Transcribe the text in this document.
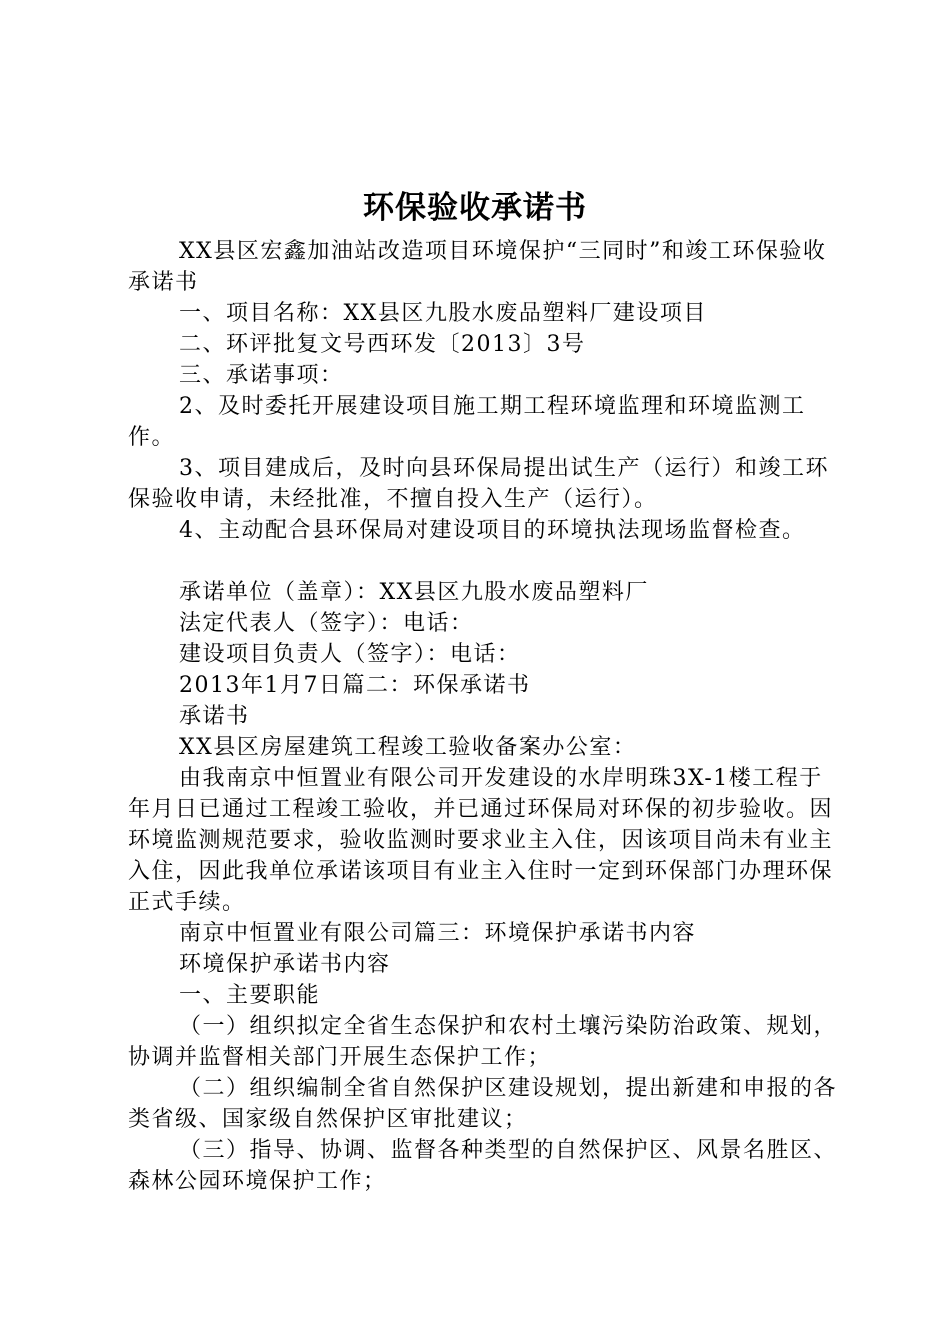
环保验收承诺书

XX县区宏鑫加油站改造项目环境保护“三同时”和竣工环保验收承诺书

一、项目名称：XX县区九股水废品塑料厂建设项目

二、环评批复文号西环发〔2013〕3号

三、承诺事项：

2、及时委托开展建设项目施工期工程环境监理和环境监测工作。

3、项目建成后，及时向县环保局提出试生产（运行）和竣工环保验收申请，未经批准，不擅自投入生产（运行）。

4、主动配合县环保局对建设项目的环境执法现场监督检查。

承诺单位（盖章）：XX县区九股水废品塑料厂

法定代表人（签字）：电话：

建设项目负责人（签字）：电话：

2013年1月7日篇二：环保承诺书

承诺书

XX县区房屋建筑工程竣工验收备案办公室：

由我南京中恒置业有限公司开发建设的水岸明珠3X-1楼工程于年月日已通过工程竣工验收，并已通过环保局对环保的初步验收。因环境监测规范要求，验收监测时要求业主入住，因该项目尚未有业主入住，因此我单位承诺该项目有业主入住时一定到环保部门办理环保正式手续。

南京中恒置业有限公司篇三：环境保护承诺书内容

环境保护承诺书内容

一、主要职能

（一）组织拟定全省生态保护和农村土壤污染防治政策、规划，协调并监督相关部门开展生态保护工作；

（二）组织编制全省自然保护区建设规划，提出新建和申报的各类省级、国家级自然保护区审批建议；

（三）指导、协调、监督各种类型的自然保护区、风景名胜区、森林公园环境保护工作；
